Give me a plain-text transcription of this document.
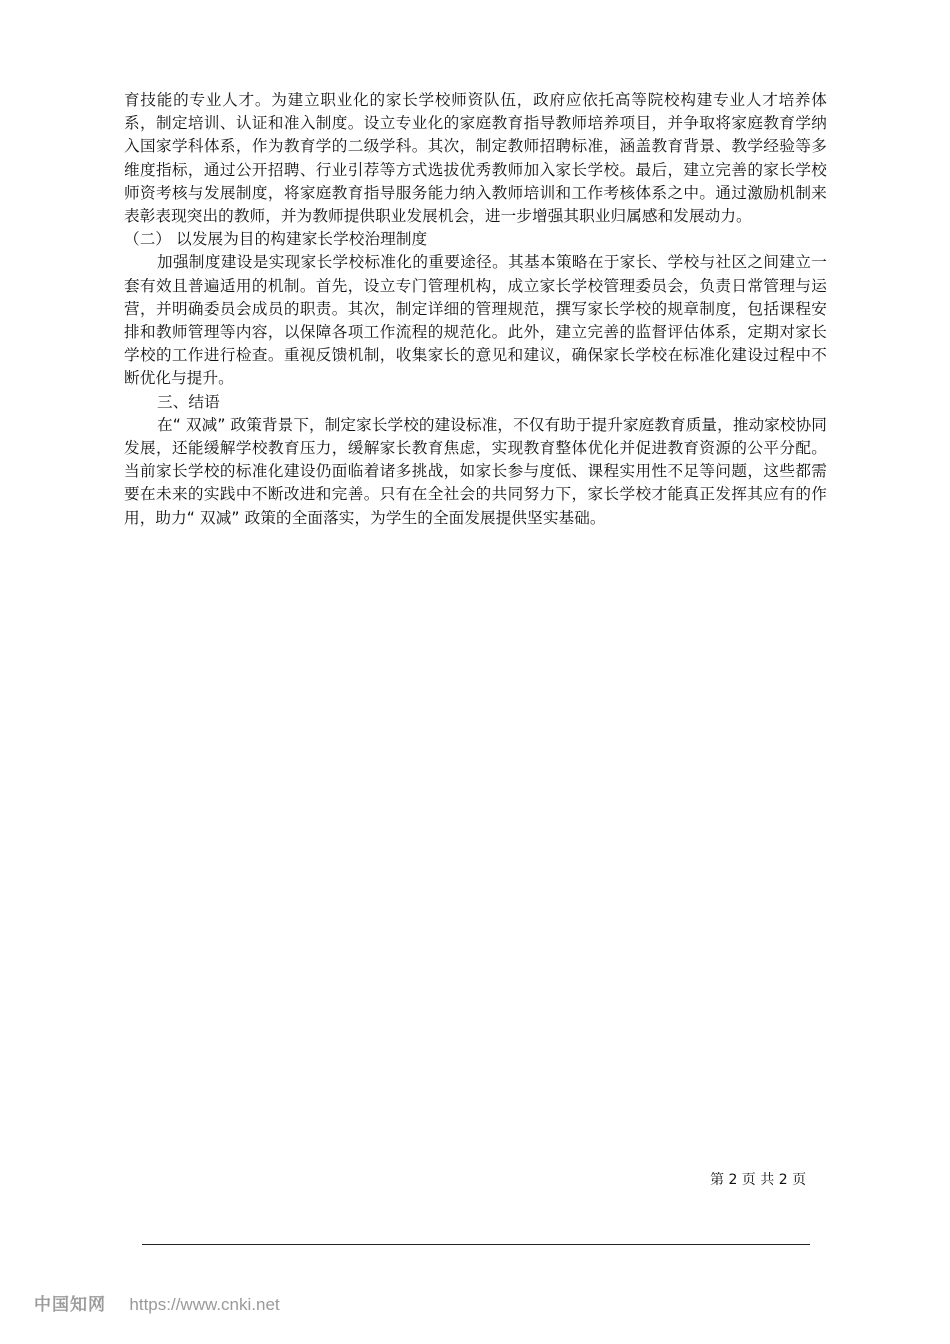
育技能的专业人才。为建立职业化的家长学校师资队伍，政府应依托高等院校构建专业人才培养体系，制定培训、认证和准入制度。设立专业化的家庭教育指导教师培养项目，并争取将家庭教育学纳入国家学科体系，作为教育学的二级学科。其次，制定教师招聘标准，涵盖教育背景、教学经验等多维度指标，通过公开招聘、行业引荐等方式选拔优秀教师加入家长学校。最后，建立完善的家长学校师资考核与发展制度，将家庭教育指导服务能力纳入教师培训和工作考核体系之中。通过激励机制来表彰表现突出的教师，并为教师提供职业发展机会，进一步增强其职业归属感和发展动力。

（二） 以发展为目的构建家长学校治理制度

加强制度建设是实现家长学校标准化的重要途径。其基本策略在于家长、学校与社区之间建立一套有效且普遍适用的机制。首先，设立专门管理机构，成立家长学校管理委员会，负责日常管理与运营，并明确委员会成员的职责。其次，制定详细的管理规范，撰写家长学校的规章制度，包括课程安排和教师管理等内容，以保障各项工作流程的规范化。此外，建立完善的监督评估体系，定期对家长学校的工作进行检查。重视反馈机制，收集家长的意见和建议，确保家长学校在标准化建设过程中不断优化与提升。

三、结语

在“ 双减” 政策背景下，制定家长学校的建设标准，不仅有助于提升家庭教育质量，推动家校协同发展，还能缓解学校教育压力，缓解家长教育焦虑，实现教育整体优化并促进教育资源的公平分配。当前家长学校的标准化建设仍面临着诸多挑战，如家长参与度低、课程实用性不足等问题，这些都需要在未来的实践中不断改进和完善。只有在全社会的共同努力下，家长学校才能真正发挥其应有的作用，助力“ 双减” 政策的全面落实，为学生的全面发展提供坚实基础。

第 2 页 共 2 页
中国知网 https://www.cnki.net
